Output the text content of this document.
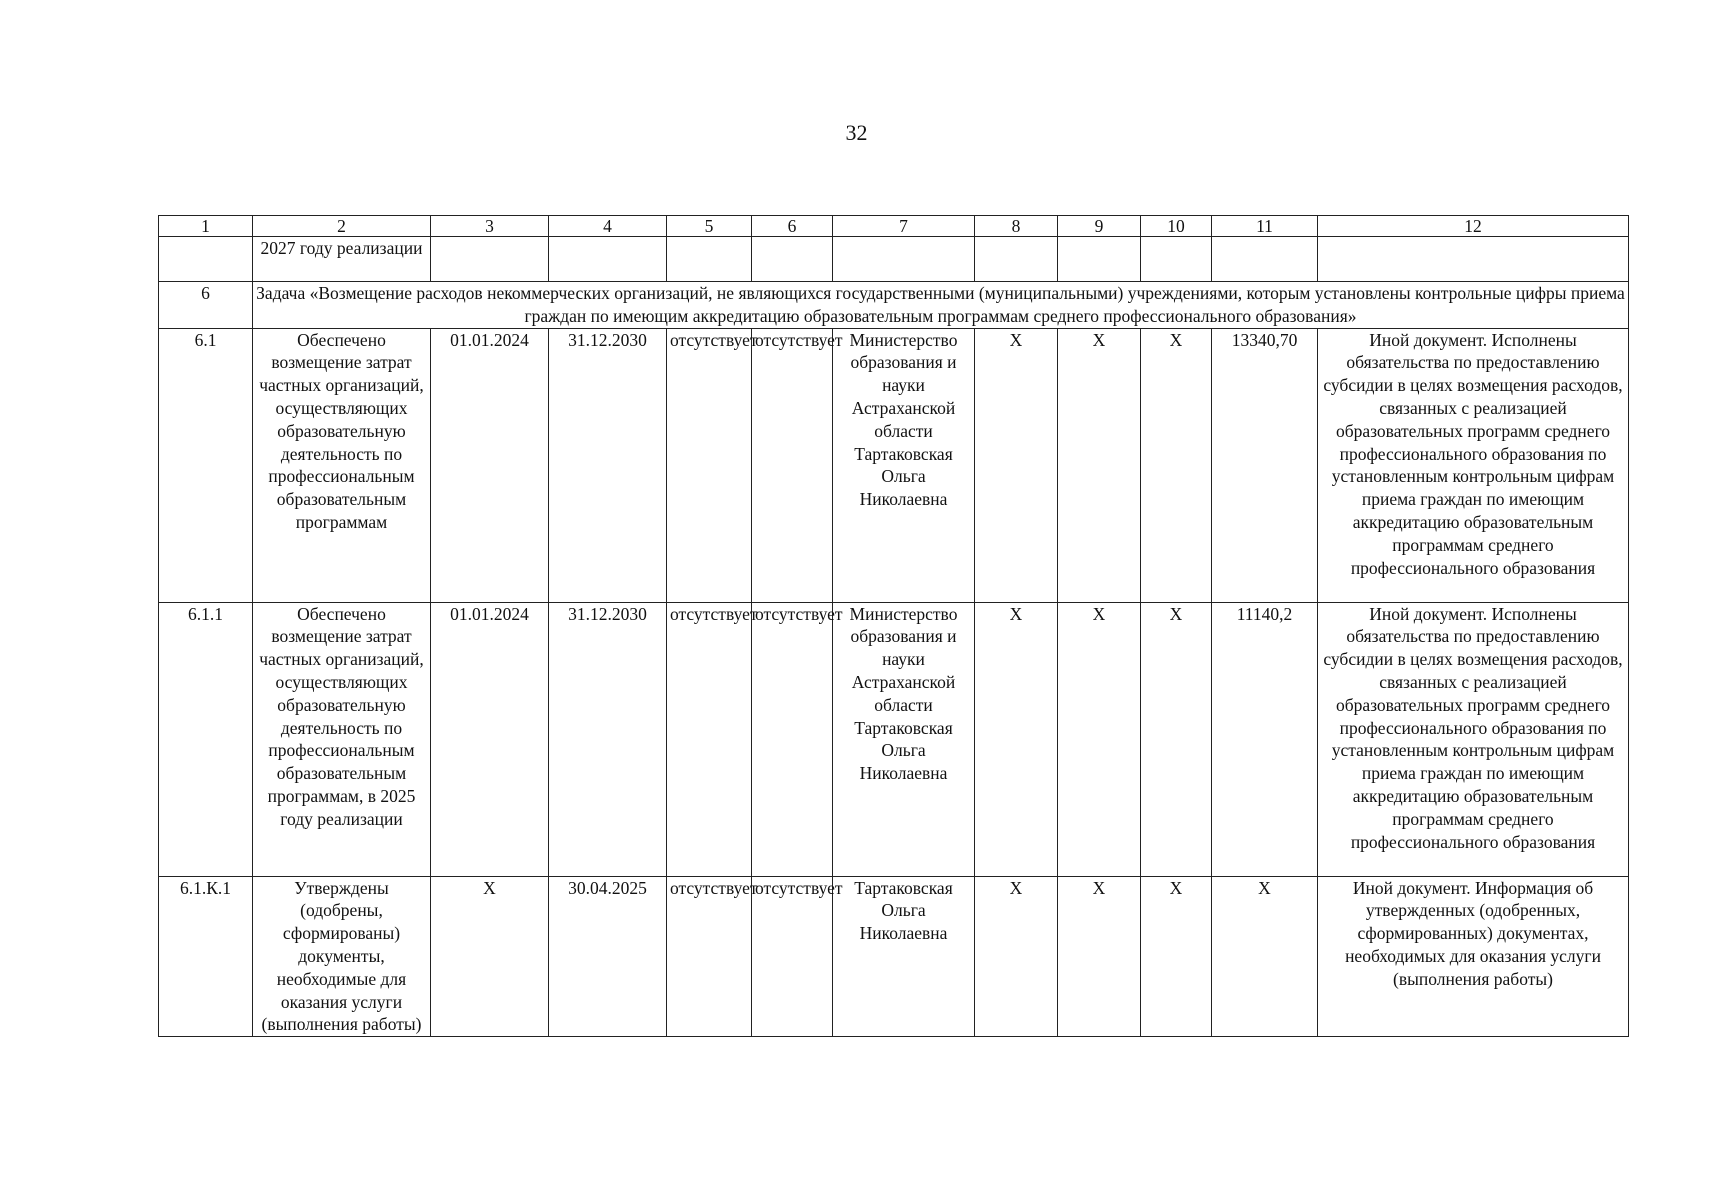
32
1	2	3	4	5	6	7	8	9	10	11	12
	2027 году реализации										
6	Задача «Возмещение расходов некоммерческих организаций, не являющихся государственными (муниципальными) учреждениями, которым установлены контрольные цифры приема граждан по имеющим аккредитацию образовательным программам среднего профессионального образования»										
6.1	Обеспечено возмещение затрат частных организаций, осуществляющих образовательную деятельность по профессиональным образовательным программам	01.01.2024	31.12.2030	отсутствует	отсутствует	Министерство образования и науки Астраханской области Тартаковская Ольга Николаевна	X	X	X	13340,70	Иной документ. Исполнены обязательства по предоставлению субсидии в целях возмещения расходов, связанных с реализацией образовательных программ среднего профессионального образования по установленным контрольным цифрам приема граждан по имеющим аккредитацию образовательным программам среднего профессионального образования
6.1.1	Обеспечено возмещение затрат частных организаций, осуществляющих образовательную деятельность по профессиональным образовательным программам, в 2025 году реализации	01.01.2024	31.12.2030	отсутствует	отсутствует	Министерство образования и науки Астраханской области Тартаковская Ольга Николаевна	X	X	X	11140,2	Иной документ. Исполнены обязательства по предоставлению субсидии в целях возмещения расходов, связанных с реализацией образовательных программ среднего профессионального образования по установленным контрольным цифрам приема граждан по имеющим аккредитацию образовательным программам среднего профессионального образования
6.1.К.1	Утверждены (одобрены, сформированы) документы, необходимые для оказания услуги (выполнения работы)	X	30.04.2025	отсутствует	отсутствует	Тартаковская Ольга Николаевна	X	X	X	X	Иной документ. Информация об утвержденных (одобренных, сформированных) документах, необходимых для оказания услуги (выполнения работы)
